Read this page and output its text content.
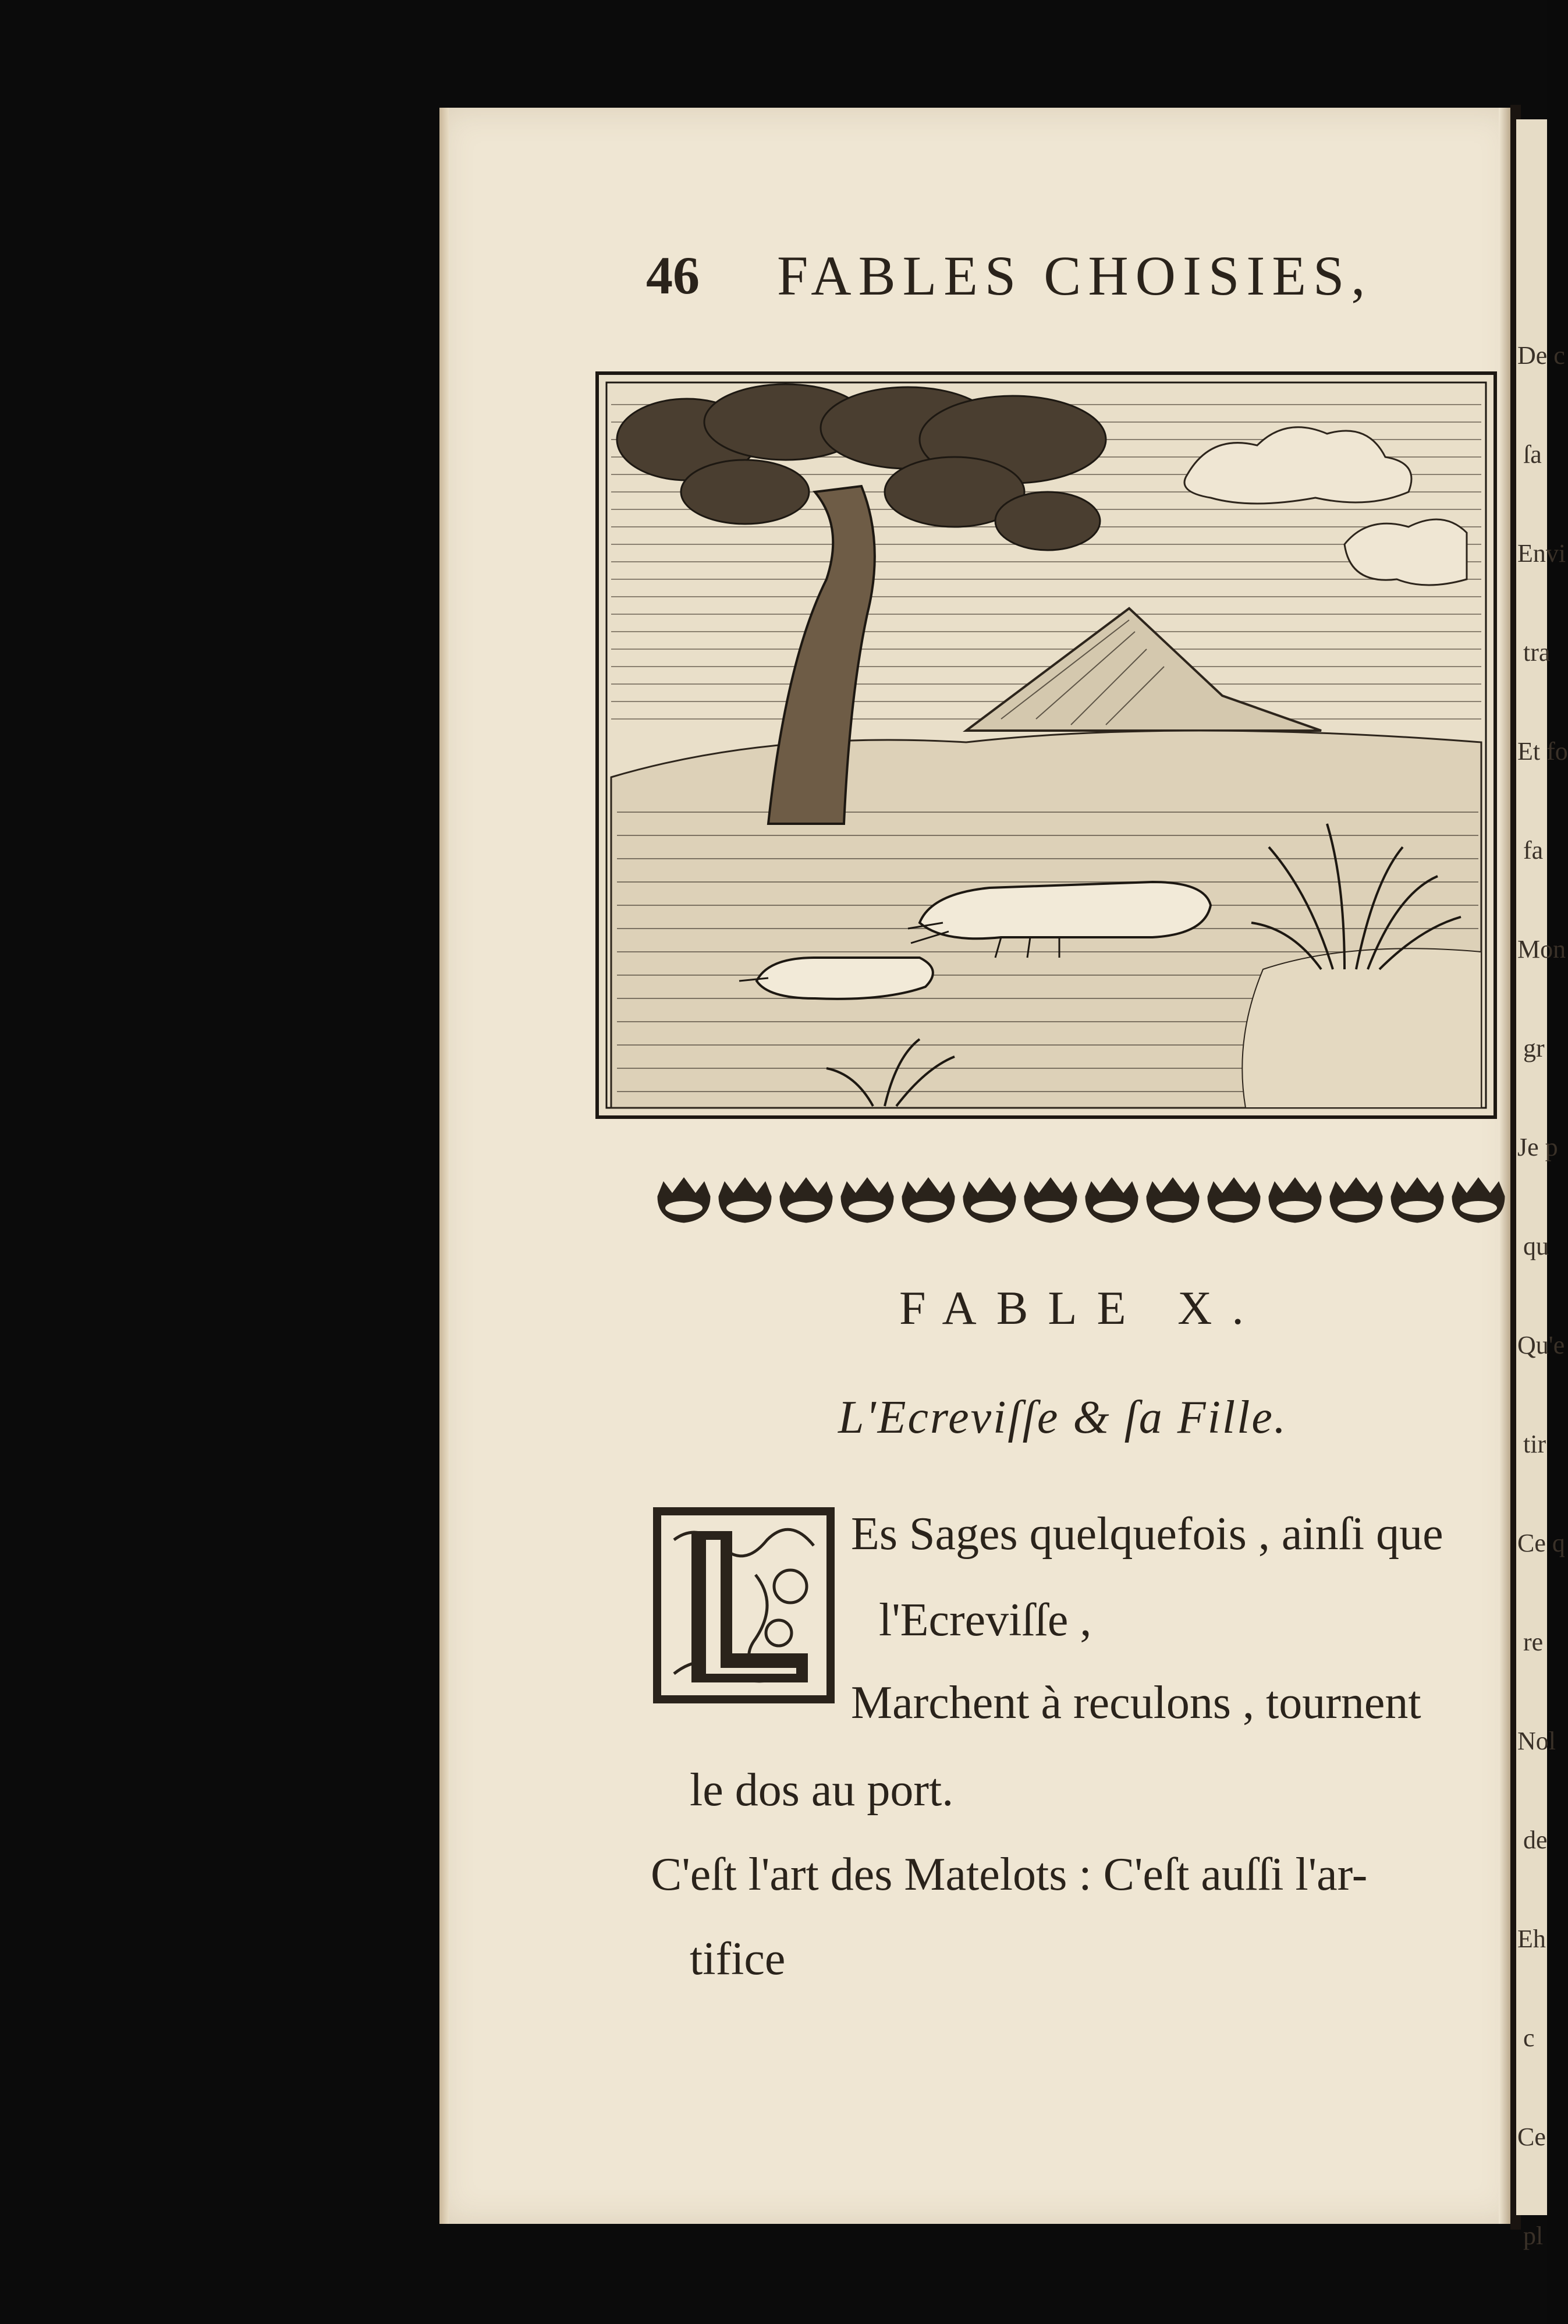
De c
ſa
Envi
tra
Et fo
fa
Mon
gr
Je p
qu
Qu'e
tir
Ce q
re
Nol
de
Eh
c
Ce
pl
46 FABLES CHOISIES,
FABLE X.
L'Ecreviſſe & ſa Fille.
Es Sages quelquefois , ainſi que
l'Ecreviſſe ,
Marchent à reculons , tournent
le dos au port.
C'eſt l'art des Matelots : C'eſt auſſi l'ar-
tifice
